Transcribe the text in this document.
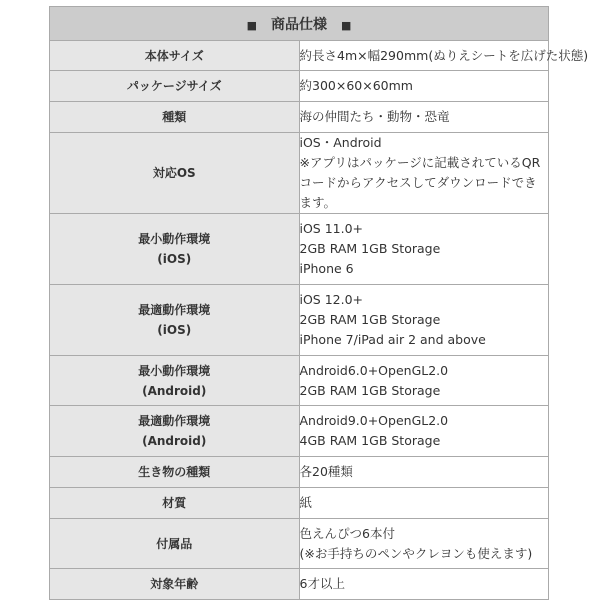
■ 商品仕様 ■	

本体サイズ	約長さ4m×幅290mm(ぬりえシートを広げた状態)

パッケージサイズ	約300×60×60mm

種類	海の仲間たち・動物・恐竜

対応OS	iOS・Android
※アプリはパッケージに記載されているQRコードからアクセスしてダウンロードできます。

最小動作環境
(iOS)	iOS 11.0+
2GB RAM 1GB Storage
iPhone 6

最適動作環境
(iOS)	iOS 12.0+
2GB RAM 1GB Storage
iPhone 7/iPad air 2 and above

最小動作環境
(Android)	Android6.0+OpenGL2.0
2GB RAM 1GB Storage

最適動作環境
(Android)	Android9.0+OpenGL2.0
4GB RAM 1GB Storage

生き物の種類	各20種類

材質	紙

付属品	色えんぴつ6本付
(※お手持ちのペンやクレヨンも使えます)

対象年齢	6才以上
